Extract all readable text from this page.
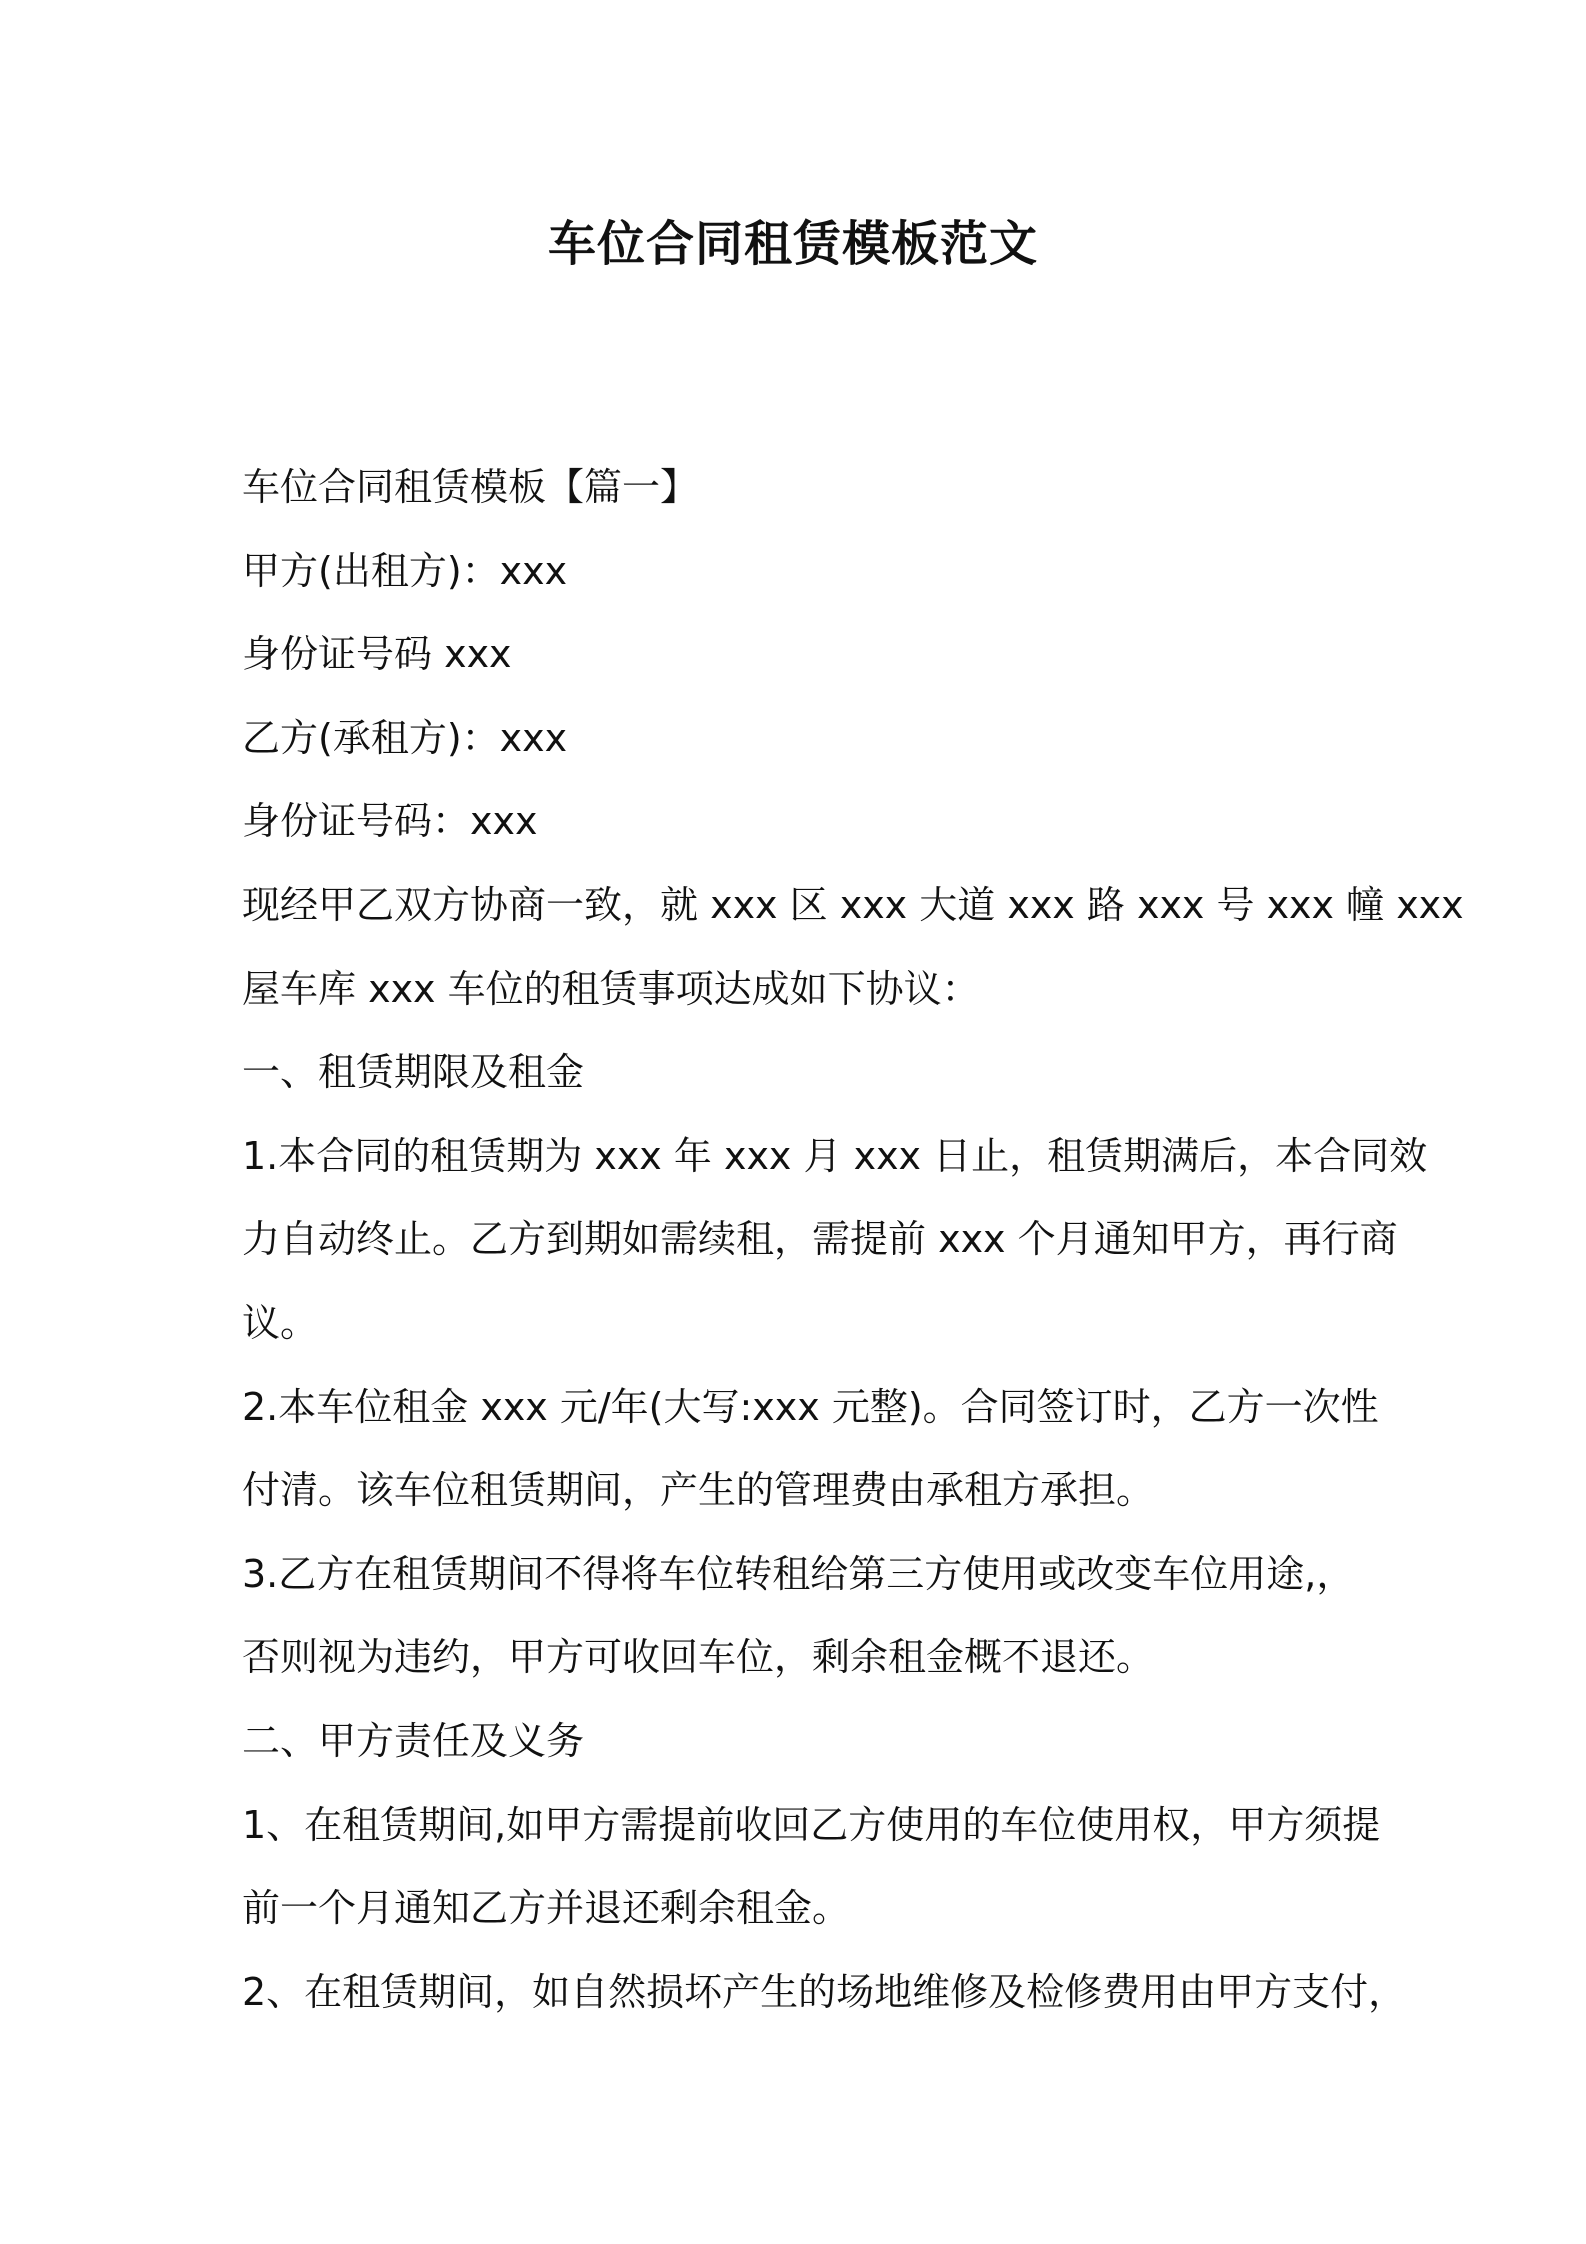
车位合同租赁模板范文
车位合同租赁模板【篇一】
甲方(出租方)：xxx
身份证号码 xxx
乙方(承租方)：xxx
身份证号码：xxx
现经甲乙双方协商一致，就 xxx 区 xxx 大道 xxx 路 xxx 号 xxx 幢 xxx
屋车库 xxx 车位的租赁事项达成如下协议：
一、租赁期限及租金
1.本合同的租赁期为 xxx 年 xxx 月 xxx 日止，租赁期满后，本合同效
力自动终止。乙方到期如需续租，需提前 xxx 个月通知甲方，再行商
议。
2.本车位租金 xxx 元/年(大写:xxx 元整)。合同签订时，乙方一次性
付清。该车位租赁期间，产生的管理费由承租方承担。
3.乙方在租赁期间不得将车位转租给第三方使用或改变车位用途,，
否则视为违约，甲方可收回车位，剩余租金概不退还。
二、甲方责任及义务
1、在租赁期间,如甲方需提前收回乙方使用的车位使用权，甲方须提
前一个月通知乙方并退还剩余租金。
2、在租赁期间，如自然损坏产生的场地维修及检修费用由甲方支付，
